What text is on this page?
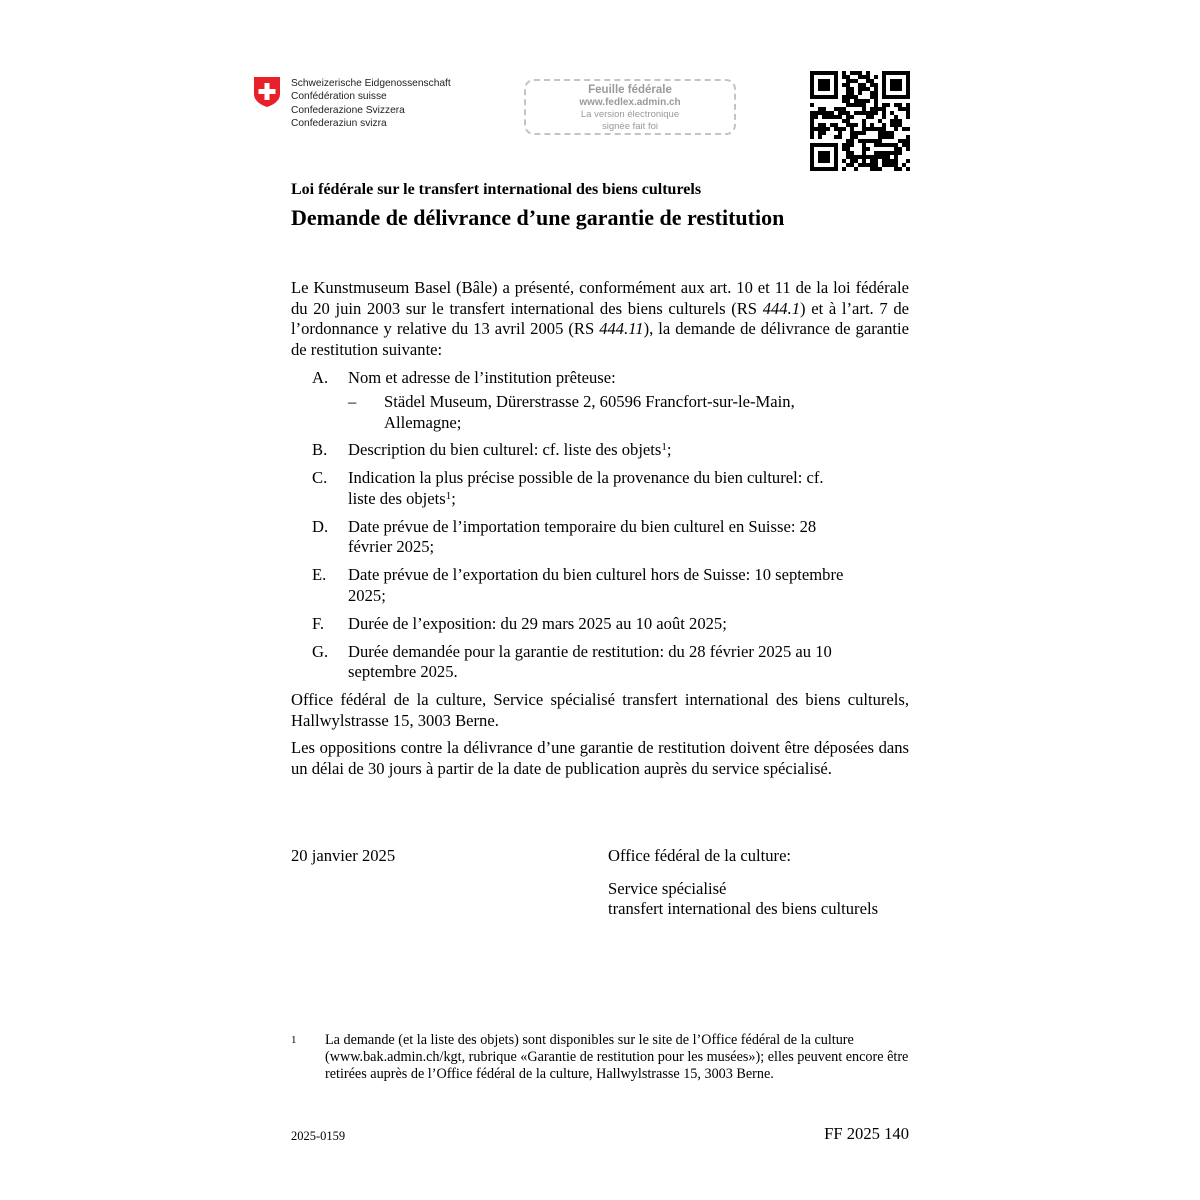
Schweizerische Eidgenossenschaft
Confédération suisse
Confederazione Svizzera
Confederaziun svizra
Feuille fédérale
www.fedlex.admin.ch
La version électronique
signée fait foi
Loi fédérale sur le transfert international des biens culturels
Demande de délivrance d’une garantie de restitution

Le Kunstmuseum Basel (Bâle) a présenté, conformément aux art. 10 et 11 de la loi fédérale du 20 juin 2003 sur le transfert international des biens culturels (RS 444.1) et à l’art. 7 de l’ordonnance y relative du 13 avril 2005 (RS 444.11), la demande de délivrance de garantie de restitution suivante:

A. Nom et adresse de l’institution prêteuse:
– Städel Museum, Dürerstrasse 2, 60596 Francfort-sur-le-Main, Allemagne;
B. Description du bien culturel: cf. liste des objets$^1$;
C. Indication la plus précise possible de la provenance du bien culturel: cf. liste des objets$^1$;
D. Date prévue de l’importation temporaire du bien culturel en Suisse: 28 février 2025;
E. Date prévue de l’exportation du bien culturel hors de Suisse: 10 septembre 2025;
F. Durée de l’exposition: du 29 mars 2025 au 10 août 2025;
G. Durée demandée pour la garantie de restitution: du 28 février 2025 au 10 septembre 2025.

Office fédéral de la culture, Service spécialisé transfert international des biens culturels, Hallwylstrasse 15, 3003 Berne.

Les oppositions contre la délivrance d’une garantie de restitution doivent être déposées dans un délai de 30 jours à partir de la date de publication auprès du service spécialisé.

20 janvier 2025	Office fédéral de la culture:
Service spécialisé
transfert international des biens culturels
1	La demande (et la liste des objets) sont disponibles sur le site de l’Office fédéral de la culture (www.bak.admin.ch/kgt, rubrique «Garantie de restitution pour les musées»); elles peuvent encore être retirées auprès de l’Office fédéral de la culture, Hallwylstrasse 15, 3003 Berne.
2025-0159	FF 2025 140
